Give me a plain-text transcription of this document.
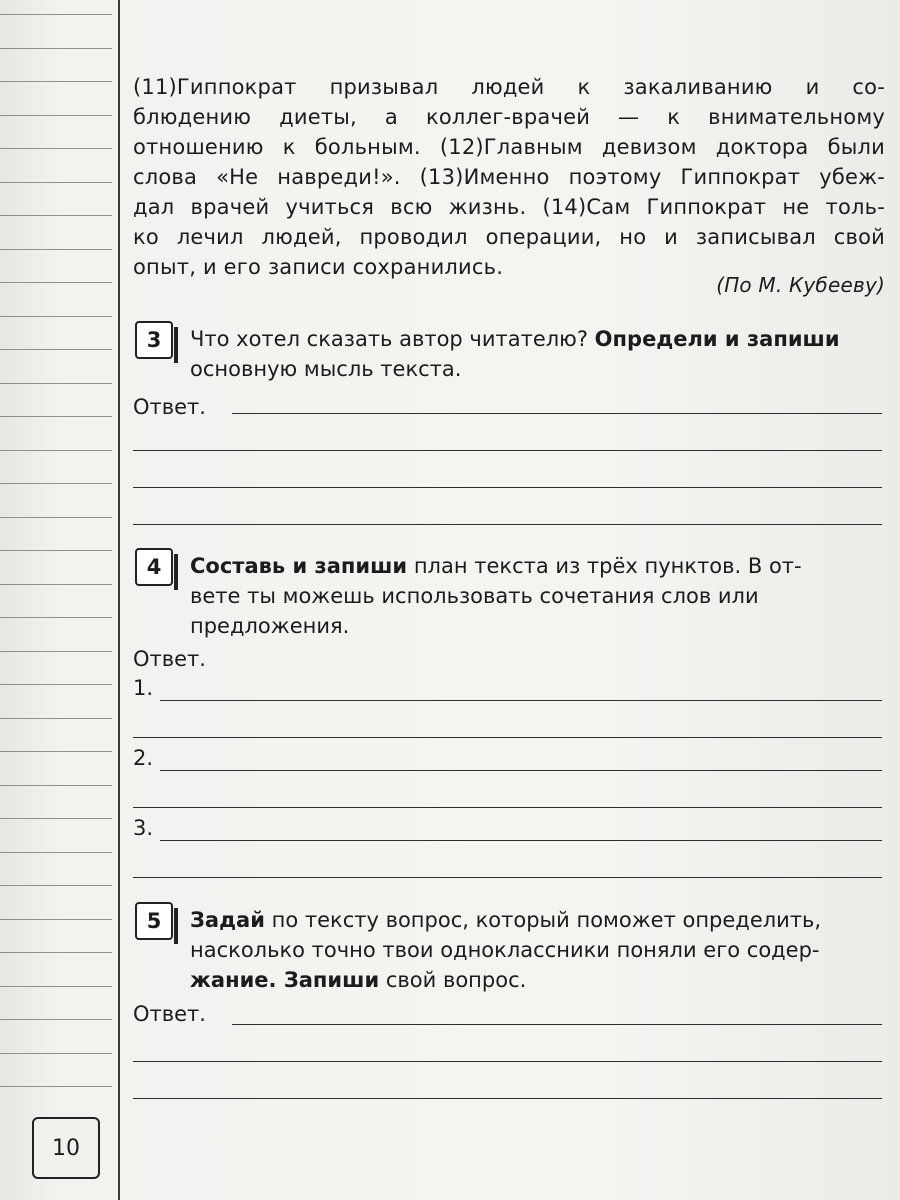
(11)Гиппократ призывал людей к закаливанию и со-
блюдению диеты, а коллег-врачей — к внимательному
отношению к больным. (12)Главным девизом доктора были
слова «Не навреди!». (13)Именно поэтому Гиппократ убеж-
дал врачей учиться всю жизнь. (14)Сам Гиппократ не толь-
ко лечил людей, проводил операции, но и записывал свой
опыт, и его записи сохранились.
(По М. Кубееву)
3	Что хотел сказать автор читателю? Определи и запиши
основную мысль текста.
Ответ.
4	Составь и запиши план текста из трёх пунктов. В от-
вете ты можешь использовать сочетания слов или
предложения.
Ответ.
1.
2.
3.
5	Задай по тексту вопрос, который поможет определить,
насколько точно твои одноклассники поняли его содер-
жание. Запиши свой вопрос.
Ответ.
10
